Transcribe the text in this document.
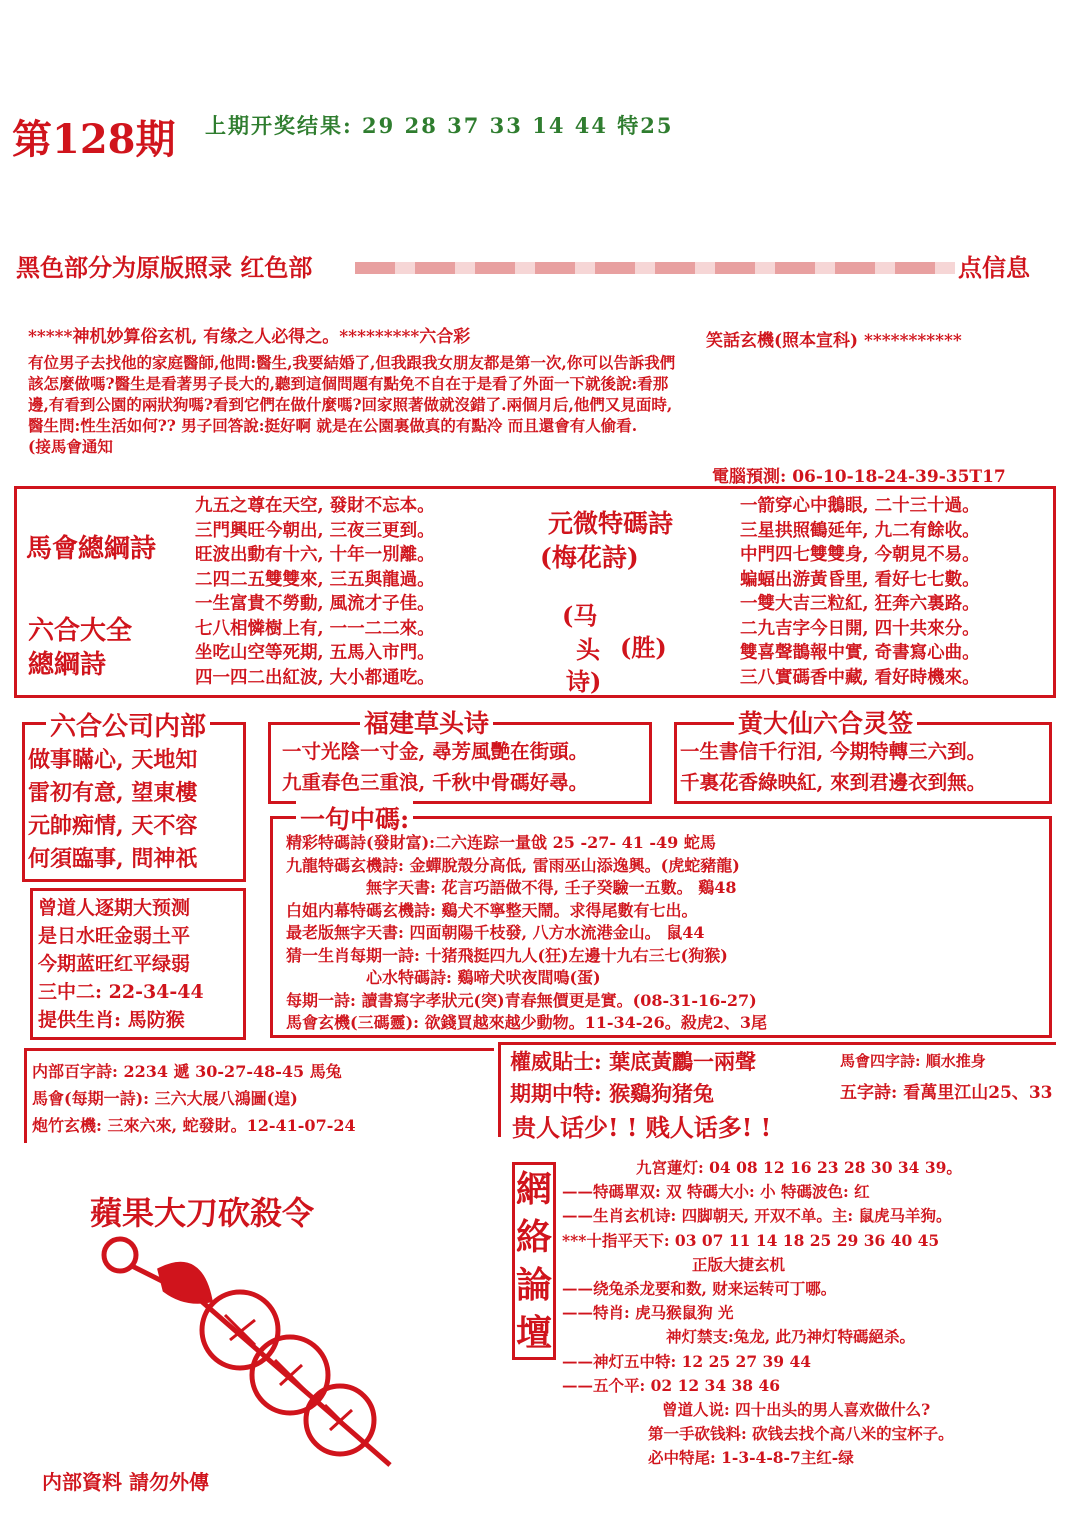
第128期 上期开奖结果: 29 28 37 33 14 44 特25
黑色部分为原版照录 红色部	点信息
*****神机妙算俗玄机, 有缘之人必得之。*********六合彩	笑話玄機(照本宣科) ***********
有位男子去找他的家庭醫師,他問:醫生,我要結婚了,但我跟我女朋友都是第一次,你可以告訴我們
該怎麼做嗎?醫生是看著男子長大的,聽到這個問題有點免不自在于是看了外面一下就後說:看那
邊,有看到公園的兩狀狗嗎?看到它們在做什麼嗎?回家照著做就沒錯了.兩個月后,他們又見面時,
醫生問:性生活如何?? 男子回答說:挺好啊 就是在公園裏做真的有點冷 而且還會有人偷看.
(接馬會通知
電腦預測: 06-10-18-24-39-35T17
馬會總綱詩
六合大全
總綱詩
九五之尊在天空, 發財不忘本。
三門興旺今朝出, 三夜三更到。
旺波出動有十六, 十年一別離。
二四二五雙雙來, 三五與龍過。
一生富貴不勞動, 風流才子佳。
七八相憐樹上有, 一一二二來。
坐吃山空等死期, 五馬入市門。
四一四二出紅波, 大小都通吃。
元微特碼詩
(梅花詩)
(马
头 (胜)
诗)
一箭穿心中鵝眼, 二十三十過。
三星拱照鶴延年, 九二有餘收。
中門四七雙雙身, 今朝見不易。
蝙蝠出游黃昏里, 看好七七數。
一雙大吉三粒紅, 狂奔六裏路。
二九吉字今日開, 四十共來分。
雙喜聲鵲報中實, 奇書寫心曲。
三八實碼香中藏, 看好時機來。
六合公司内部
做事瞞心, 天地知
雷初有意, 望東樓
元帥痴情, 天不容
何須臨事, 問神祇
福建草头诗
一寸光陰一寸金, 尋芳風艷在街頭。
九重春色三重浪, 千秋中骨碼好尋。
黄大仙六合灵签
一生書信千行泪, 今期特轉三六到。
千裏花香綠映紅, 來到君邊衣到無。
一句中碼:
精彩特碼詩(發財富):二六连踪一量戗 25 -27- 41 -49 蛇馬
九龍特碼玄機詩: 金蟬脫殼分高低, 雷雨巫山添逸興。(虎蛇豬龍)
無字天書: 花言巧語做不得, 壬子癸驗一五數。 鷄48
白姐内幕特碼玄機詩: 鷄犬不寧整天鬧。求得尾數有七出。
最老版無字天書: 四面朝陽千枝發, 八方水流港金山。 鼠44
猜一生肖每期一詩: 十猪飛挺四九人(狂)左邊十九右三七(狗猴)
心水特碼詩: 鷄啼犬吠夜間鳴(蛋)
每期一詩: 讀書寫字孝狀元(突)青春無價更是實。(08-31-16-27)
馬會玄機(三碼靈): 欲錢買越來越少動物。11-34-26。殺虎2、3尾
曾道人逐期大预测
是日水旺金弱土平
今期蓝旺红平绿弱
三中二: 22-34-44
提供生肖: 馬防猴
内部百字詩: 2234 遞 30-27-48-45 馬兔
馬會(每期一詩): 三六大展八鴻圖(遑)
炮竹玄機: 三來六來, 蛇發財。12-41-07-24
權威貼士: 葉底黃鸝一兩聲	馬會四字詩: 順水推身
期期中特: 猴鷄狗猪兔	五字詩: 看萬里江山25、33
贵人话少! ! 贱人话多! !
蘋果大刀砍殺令
内部資料 請勿外傳
網
絡
論
壇
九宮蓮灯: 04 08 12 16 23 28 30 34 39。
——特碼單双: 双 特碼大小: 小 特碼波色: 红
——生肖玄机诗: 四脚朝天, 开双不单。主: 鼠虎马羊狗。
***十指平天下: 03 07 11 14 18 25 29 36 40 45
正版大捷玄机
——绕兔杀龙要和数, 财来运转可丁哪。
——特肖: 虎马猴鼠狗 光
神灯禁支:兔龙, 此乃神灯特碼絕杀。
——神灯五中特: 12 25 27 39 44
——五个平: 02 12 34 38 46
曾道人说: 四十出头的男人喜欢做什么?
第一手砍钱料: 砍钱去找个高八米的宝杯子。
必中特尾: 1-3-4-8-7主红-绿
